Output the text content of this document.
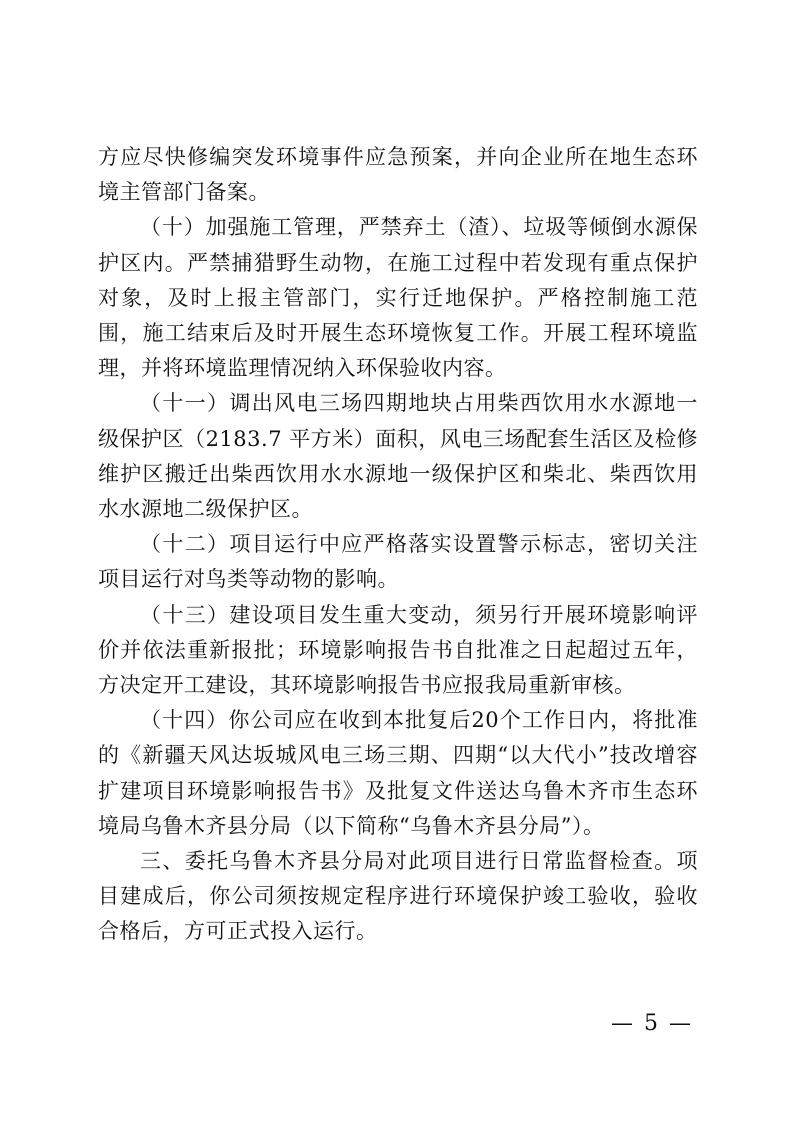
方应尽快修编突发环境事件应急预案，并向企业所在地生态环境主管部门备案。

（十）加强施工管理，严禁弃土（渣）、垃圾等倾倒水源保护区内。严禁捕猎野生动物，在施工过程中若发现有重点保护对象，及时上报主管部门，实行迁地保护。严格控制施工范围，施工结束后及时开展生态环境恢复工作。开展工程环境监理，并将环境监理情况纳入环保验收内容。

（十一）调出风电三场四期地块占用柴西饮用水水源地一级保护区（2183.7 平方米）面积，风电三场配套生活区及检修维护区搬迁出柴西饮用水水源地一级保护区和柴北、柴西饮用水水源地二级保护区。

（十二）项目运行中应严格落实设置警示标志，密切关注项目运行对鸟类等动物的影响。

（十三）建设项目发生重大变动，须另行开展环境影响评价并依法重新报批；环境影响报告书自批准之日起超过五年，方决定开工建设，其环境影响报告书应报我局重新审核。

（十四）你公司应在收到本批复后20个工作日内，将批准的《新疆天风达坂城风电三场三期、四期“以大代小”技改增容扩建项目环境影响报告书》及批复文件送达乌鲁木齐市生态环境局乌鲁木齐县分局（以下简称“乌鲁木齐县分局”）。

三、委托乌鲁木齐县分局对此项目进行日常监督检查。项目建成后，你公司须按规定程序进行环境保护竣工验收，验收合格后，方可正式投入运行。

— 5 —
